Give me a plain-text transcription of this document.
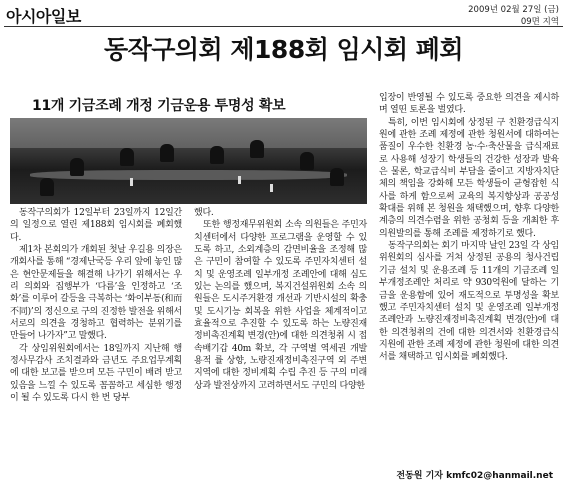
아시아일보	2009년 02월 27일 (금)
09면 지역
동작구의회 제188회 임시회 폐회
11개 기금조례 개정 기금운용 투명성 확보

동작구의회가 12일부터 23일까지 12일간의 일정으로 열린 제188회 임시회를 폐회했다.

제1차 본회의가 개회된 첫날 우길용 의장은 개회사를 통해 “경제난국등 우리 앞에 놓인 많은 현안문제들을 해결해 나가기 위해서는 우리 의회와 집행부가 ‘다름’을 인정하고 ‘조화’를 이루어 갈등을 극복하는 ‘화이부동(和而不同)’의 정신으로 구의 진정한 발전을 위해서 서로의 의견을 경청하고 협력하는 분위기를 만들어 나가자”고 말했다.

각 상임위원회에서는 18일까지 지난해 행정사무감사 조치결과와 금년도 주요업무계획에 대한 보고를 받으며 모든 구민이 배려 받고 있음을 느낄 수 있도록 꼼꼼하고 세심한 행정이 될 수 있도록 다시 한 번 당부

했다.

또한 행정재무위원회 소속 의원들은 주민자치센터에서 다양한 프로그램을 운영할 수 있도록 하고, 소외계층의 감면비율을 조정해 많은 구민이 참여할 수 있도록 주민자치센터 설치 및 운영조례 일부개정 조례안에 대해 심도 있는 논의를 했으며, 복지건설위원회 소속 의원들은 도시주거환경 개선과 기반시설의 확충 및 도시기능 회복을 위한 사업을 체계적이고 효율적으로 추진할 수 있도록 하는 노량진재정비촉진계획 변경(안)에 대한 의견청취 시 접속배기갑 40m 확보, 각 구역별 역세권 개발 용적 률 상향, 노량진재정비촉진구역 외 주변지역에 대한 정비계획 수립 추진 등 구의 미래상과 발전상까지 고려하면서도 구민의 다양한

입장이 반영될 수 있도록 중요한 의견을 제시하며 열띤 토론을 벌였다.

특히, 이번 임시회에 상정된 구 친환경급식지원에 관한 조례 제정에 관한 청원서에 대하여는 품질이 우수한 친환경 농·수·축산물을 급식재료로 사용해 성장기 학생들의 건강한 성장과 발육은 물론, 학교급식비 부담을 줄이고 지방자치단체의 책임을 강화해 모든 학생들이 균형잡힌 식사를 하게 함으로써 교육의 복지향상과 공공성 확대를 위해 본 청원을 채택했으며, 향후 다양한 계층의 의견수렴을 위한 공청회 등을 개최한 후 의원발의를 통해 조례를 제정하기로 했다.

동작구의회는 회기 마지막 날인 23일 각 상임위원회의 심사를 거쳐 상정된 공용의 청사건립기금 설치 및 운용조례 등 11개의 기금조례 일부개정조례안 처리로 약 930억원에 달하는 기금을 운용함에 있어 재도적으로 투명성을 확보했고 주민자치센터 설치 및 운영조례 일부개정조례안과 노량진재정비촉진계획 변경(안)에 대한 의견청취의 건에 대한 의견서와 친환경급식지원에 관한 조례 제정에 관한 청원에 대한 의견서를 채택하고 임시회를 폐회했다.

전동원 기자 kmfc02@hanmail.net
